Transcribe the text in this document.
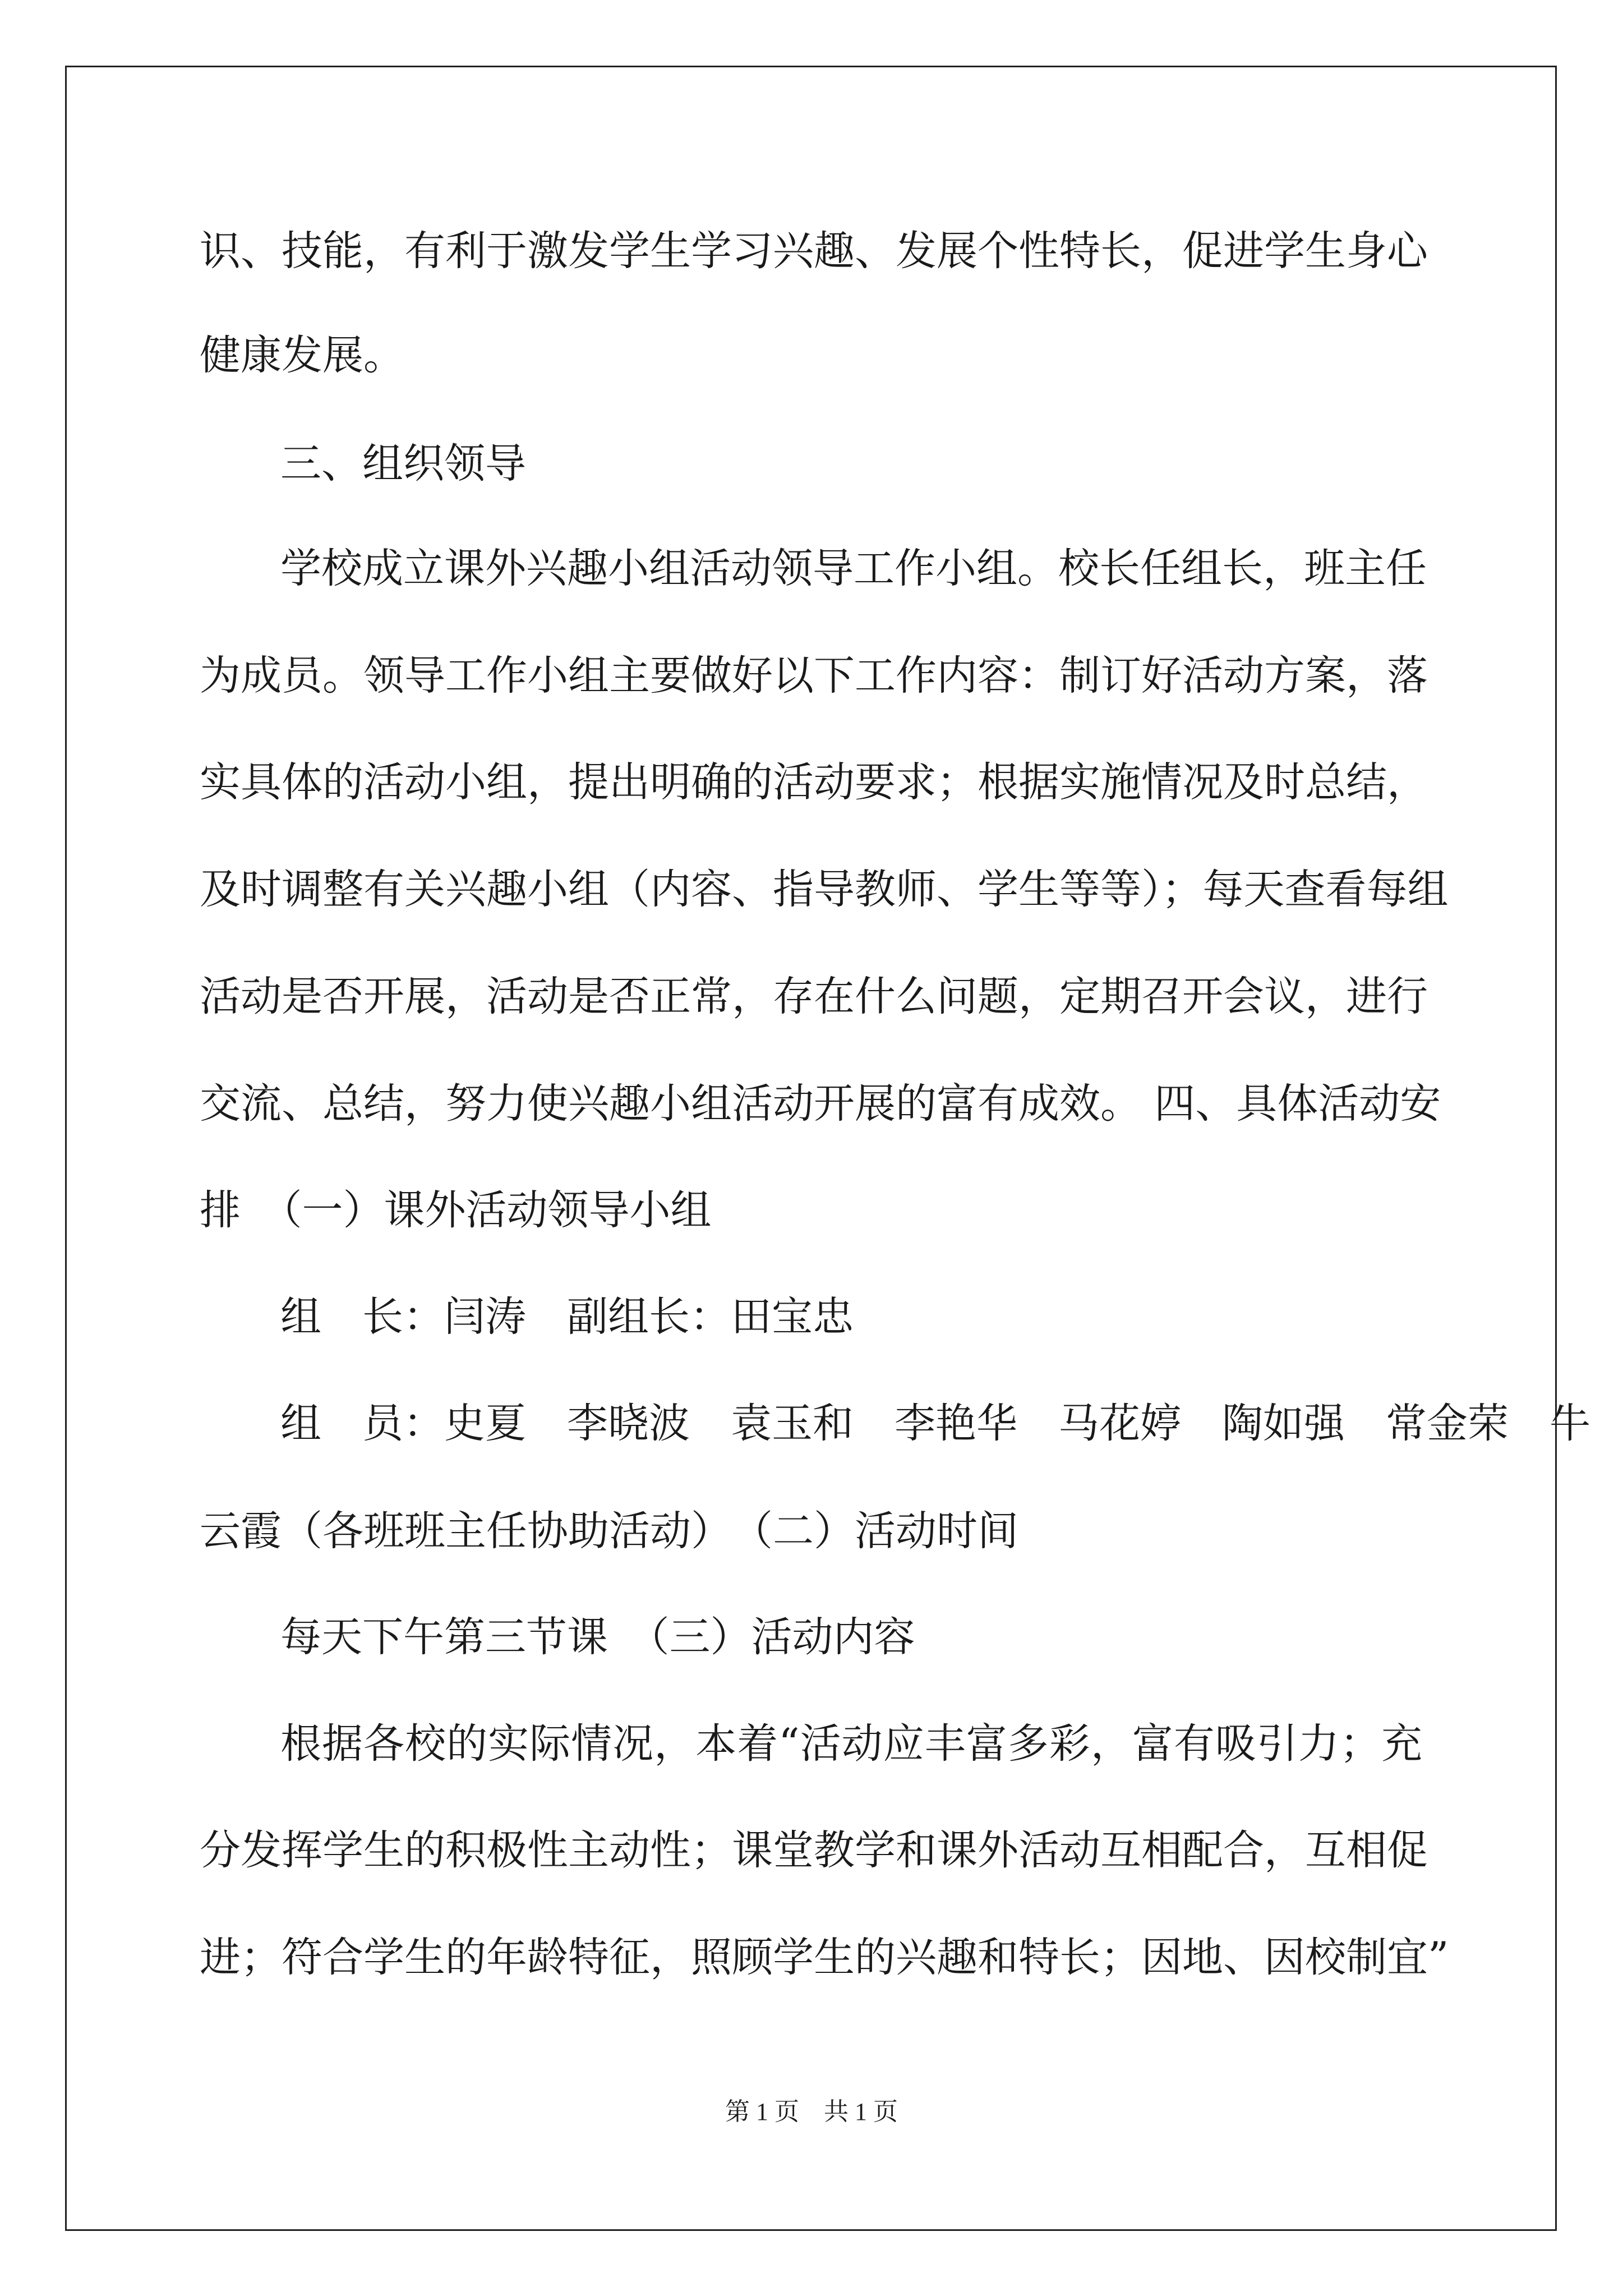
识、技能，有利于激发学生学习兴趣、发展个性特长，促进学生身心
健康发展。
三、组织领导
学校成立课外兴趣小组活动领导工作小组。校长任组长，班主任
为成员。领导工作小组主要做好以下工作内容：制订好活动方案，落
实具体的活动小组，提出明确的活动要求；根据实施情况及时总结，
及时调整有关兴趣小组（内容、指导教师、学生等等）；每天查看每组
活动是否开展，活动是否正常，存在什么问题，定期召开会议，进行
交流、总结，努力使兴趣小组活动开展的富有成效。 四、具体活动安
排　（一）课外活动领导小组
组　长：闫涛　副组长：田宝忠
组　员：史夏　李晓波　袁玉和　李艳华　马花婷　陶如强　常金荣　牛
云霞（各班班主任协助活动）　（二）活动时间
每天下午第三节课　（三）活动内容
根据各校的实际情况，本着“活动应丰富多彩，富有吸引力；充
分发挥学生的积极性主动性；课堂教学和课外活动互相配合，互相促
进；符合学生的年龄特征，照顾学生的兴趣和特长；因地、因校制宜”
第 1 页　共 1 页
